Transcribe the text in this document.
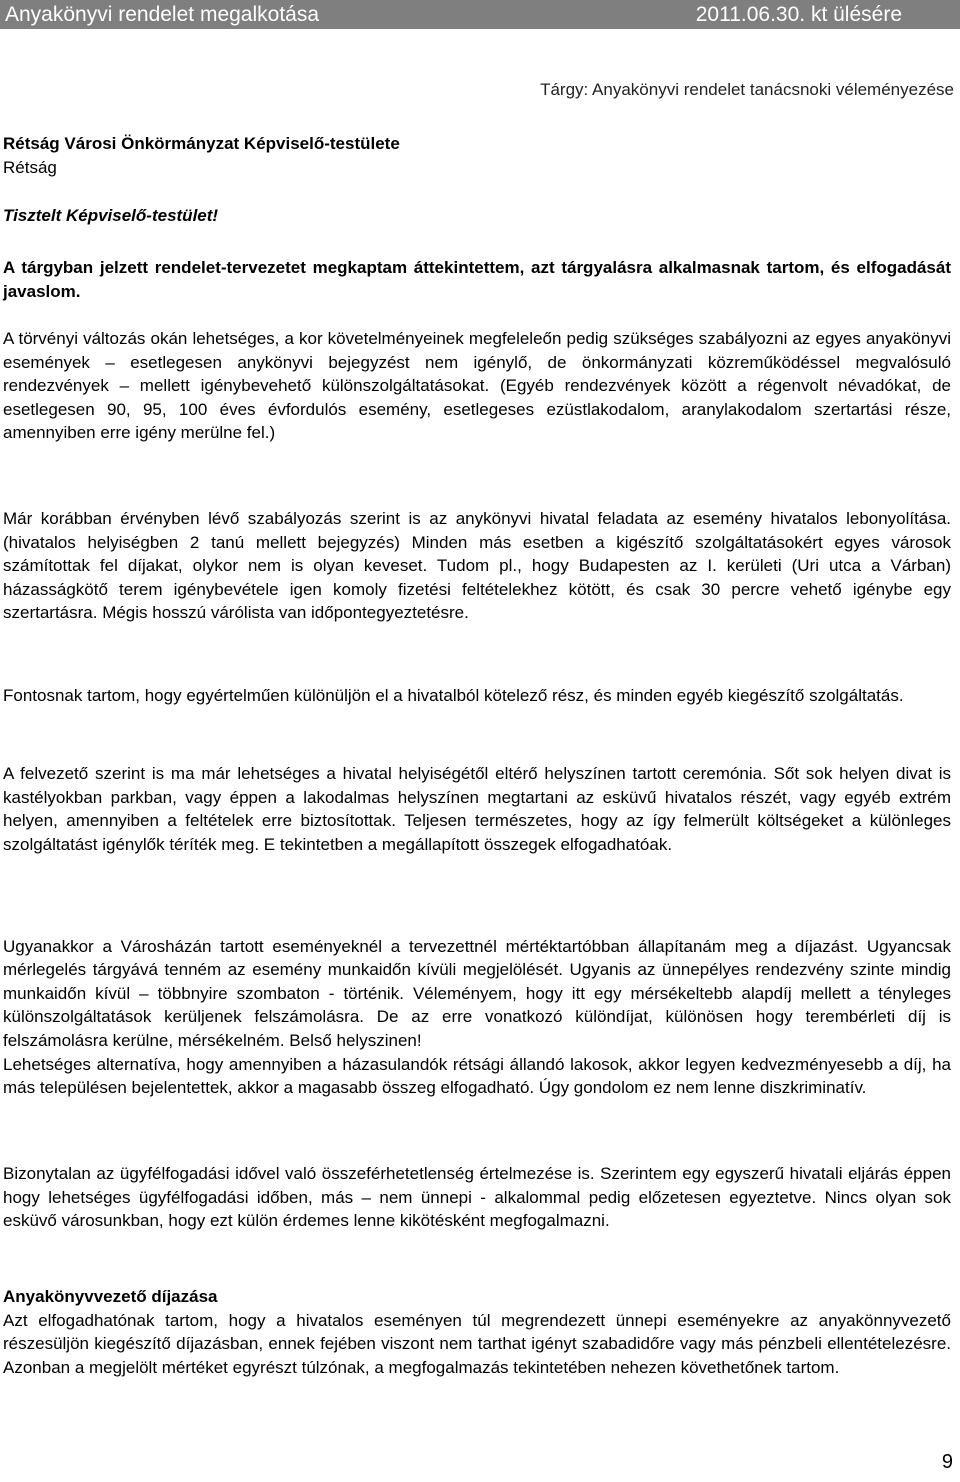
Anyakönyvi rendelet megalkotása	2011.06.30. kt ülésére
Tárgy: Anyakönyvi rendelet tanácsnoki véleményezése
Rétság Városi Önkörmányzat Képviselő-testülete
Rétság
Tisztelt Képviselő-testület!

A tárgyban jelzett rendelet-tervezetet megkaptam áttekintettem, azt tárgyalásra alkalmasnak tartom, és elfogadását javaslom.

A törvényi változás okán lehetséges, a kor követelményeinek megfeleleőn pedig szükséges szabályozni az egyes anyakönyvi események – esetlegesen anykönyvi bejegyzést nem igénylő, de önkormányzati közreműködéssel megvalósuló rendezvények – mellett igénybevehető különszolgáltatásokat. (Egyéb rendezvények között a régenvolt névadókat, de esetlegesen 90, 95, 100 éves évfordulós esemény, esetlegeses ezüstlakodalom, aranylakodalom szertartási része, amennyiben erre igény merülne fel.)

Már korábban érvényben lévő szabályozás szerint is az anykönyvi hivatal feladata az esemény hivatalos lebonyolítása. (hivatalos helyiségben 2 tanú mellett bejegyzés) Minden más esetben a kigészítő szolgáltatásokért egyes városok számítottak fel díjakat, olykor nem is olyan keveset. Tudom pl., hogy Budapesten az I. kerületi (Uri utca a Várban) házasságkötő terem igénybevétele igen komoly fizetési feltételekhez kötött, és csak 30 percre vehető igénybe egy szertartásra. Mégis hosszú várólista van időpontegyeztetésre.

Fontosnak tartom, hogy egyértelműen különüljön el a hivatalból kötelező rész, és minden egyéb kiegészítő szolgáltatás.

A felvezető szerint is ma már lehetséges a hivatal helyiségétől eltérő helyszínen tartott ceremónia. Sőt sok helyen divat is kastélyokban parkban, vagy éppen a lakodalmas helyszínen megtartani az esküvű hivatalos részét, vagy egyéb extrém helyen, amennyiben a feltételek erre biztosítottak. Teljesen természetes, hogy az így felmerült költségeket a különleges szolgáltatást igénylők téríték meg. E tekintetben a megállapított összegek elfogadhatóak.

Ugyanakkor a Városházán tartott eseményeknél a tervezettnél mértéktartóbban állapítanám meg a díjazást. Ugyancsak mérlegelés tárgyává tenném az esemény munkaidőn kívüli megjelölését. Ugyanis az ünnepélyes rendezvény szinte mindig munkaidőn kívül – többnyire szombaton - történik. Véleményem, hogy itt egy mérsékeltebb alapdíj mellett a tényleges különszolgáltatások kerüljenek felszámolásra. De az erre vonatkozó különdíjat, különösen hogy terembérleti díj is felszámolásra kerülne, mérsékelném. Belső helyszinen!
Lehetséges alternatíva, hogy amennyiben a házasulandók rétsági állandó lakosok, akkor legyen kedvezményesebb a díj, ha más településen bejelentettek, akkor a magasabb összeg elfogadható. Úgy gondolom ez nem lenne diszkriminatív.

Bizonytalan az ügyfélfogadási idővel való összeférhetetlenség értelmezése is. Szerintem egy egyszerű hivatali eljárás éppen hogy lehetséges ügyfélfogadási időben, más – nem ünnepi - alkalommal pedig előzetesen egyeztetve. Nincs olyan sok esküvő városunkban, hogy ezt külön érdemes lenne kikötésként megfogalmazni.

Anyakönyvvezető díjazása

Azt elfogadhatónak tartom, hogy a hivatalos eseményen túl megrendezett ünnepi eseményekre az anyakönnyvezető részesüljön kiegészítő díjazásban, ennek fejében viszont nem tarthat igényt szabadidőre vagy más pénzbeli ellentételezésre. Azonban a megjelölt mértéket egyrészt túlzónak, a megfogalmazás tekintetében nehezen követhetőnek tartom.

9
